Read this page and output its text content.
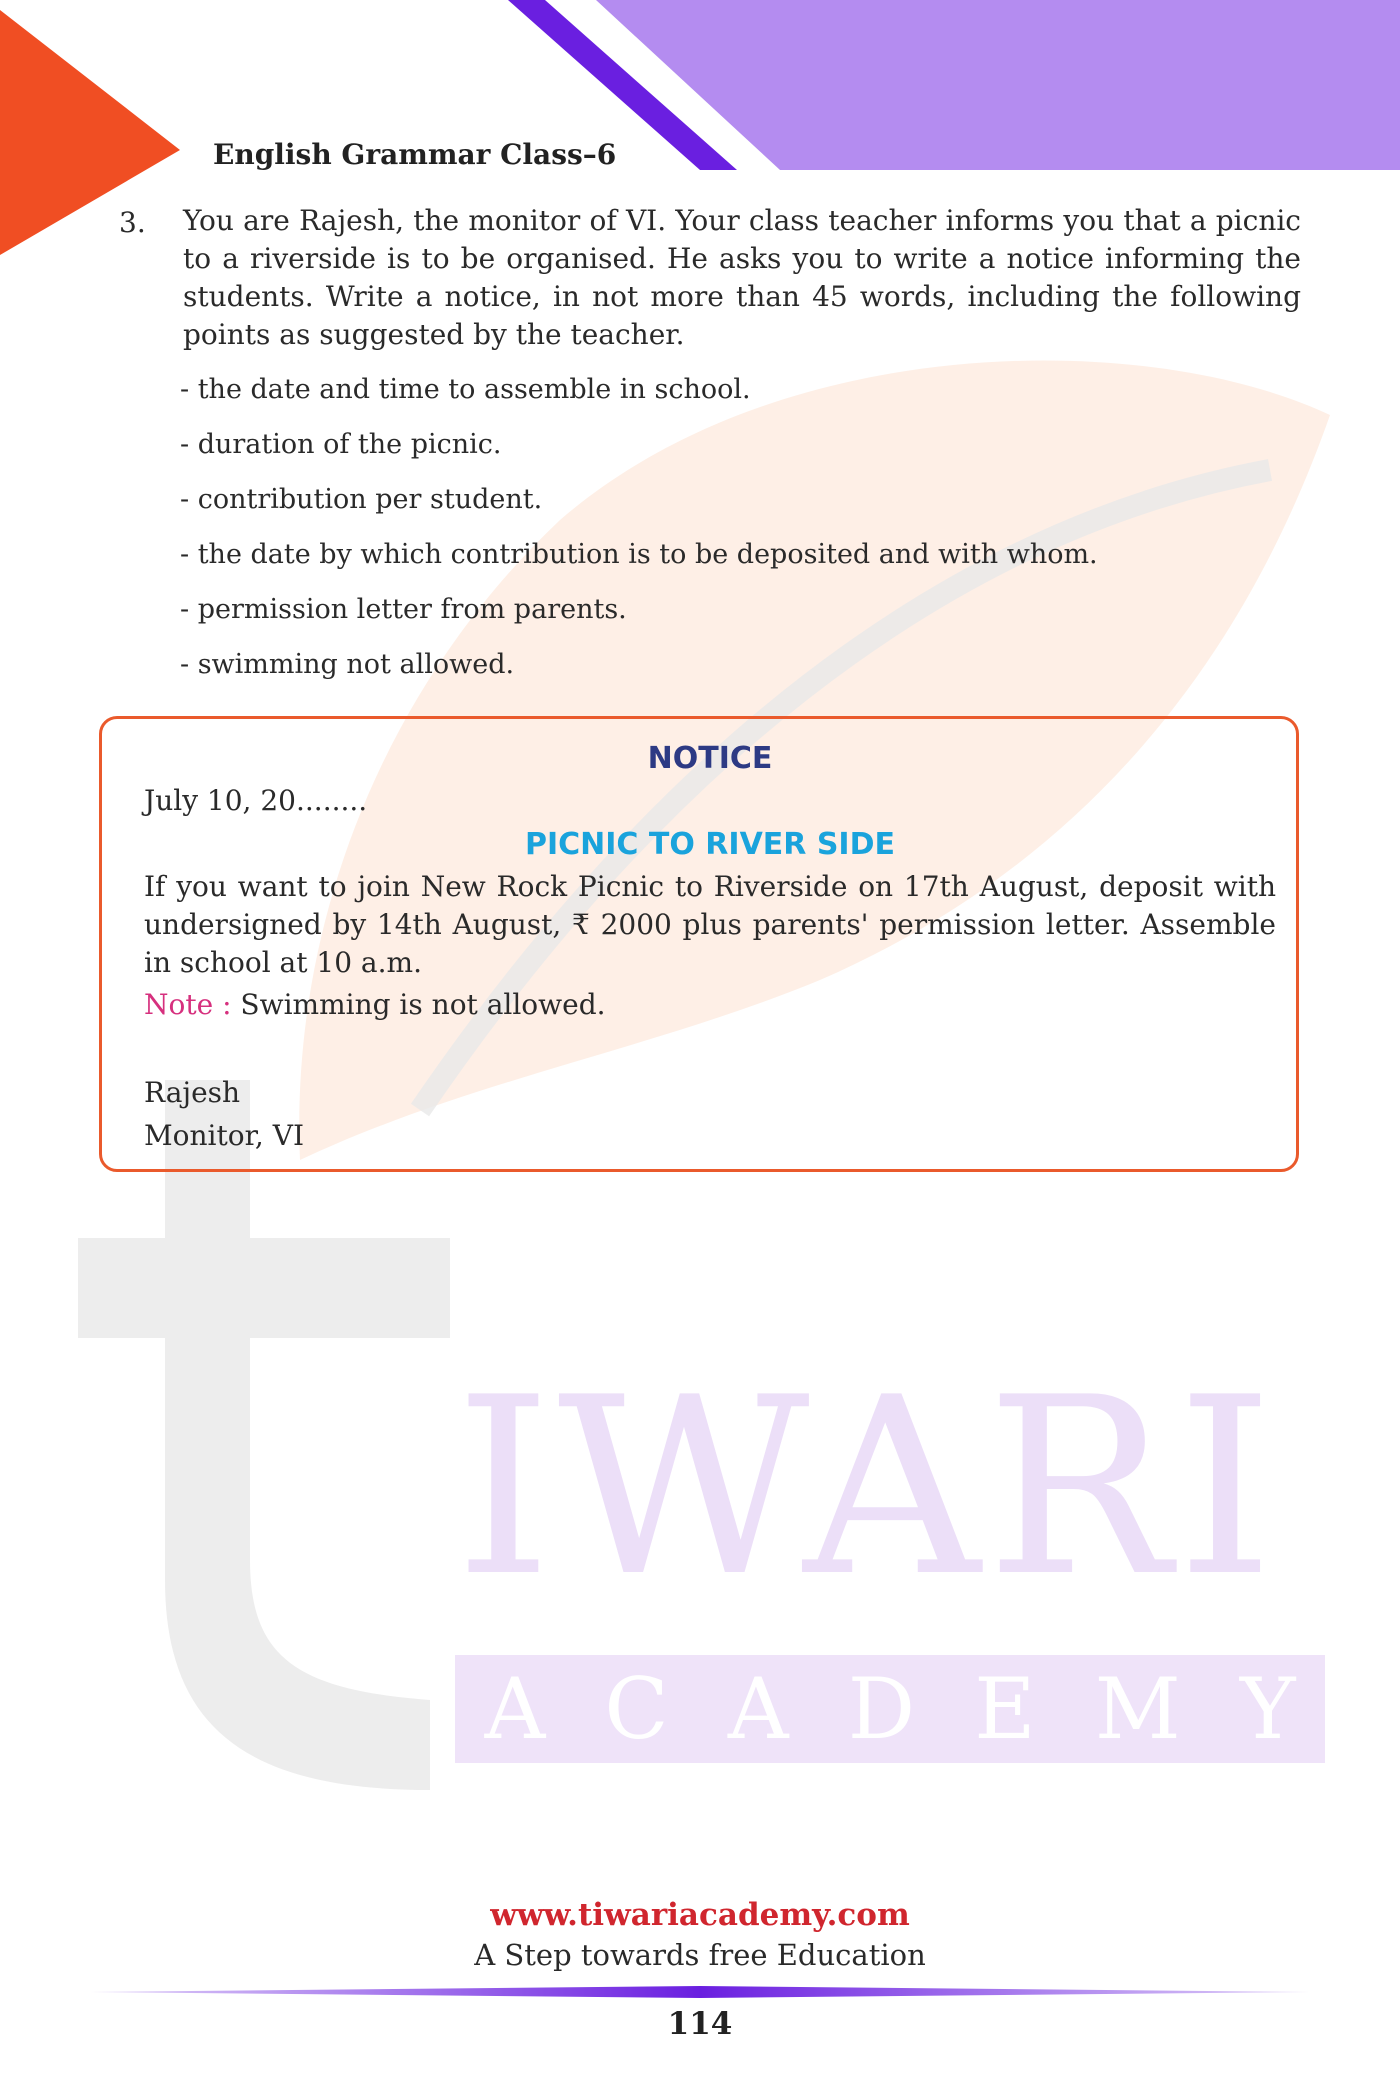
IWARI
A C A D E M Y
English Grammar Class–6
3. You are Rajesh, the monitor of VI. Your class teacher informs you that a picnic to a riverside is to be organised. He asks you to write a notice informing the students. Write a notice, in not more than 45 words, including the following points as suggested by the teacher.
- the date and time to assemble in school.
- duration of the picnic.
- contribution per student.
- the date by which contribution is to be deposited and with whom.
- permission letter from parents.
- swimming not allowed.
NOTICE
July 10, 20........
PICNIC TO RIVER SIDE
If you want to join New Rock Picnic to Riverside on 17th August, deposit with undersigned by 14th August, ₹ 2000 plus parents' permission letter. Assemble in school at 10 a.m.
Note : Swimming is not allowed.
Rajesh
Monitor, VI
www.tiwariacademy.com
A Step towards free Education
114
